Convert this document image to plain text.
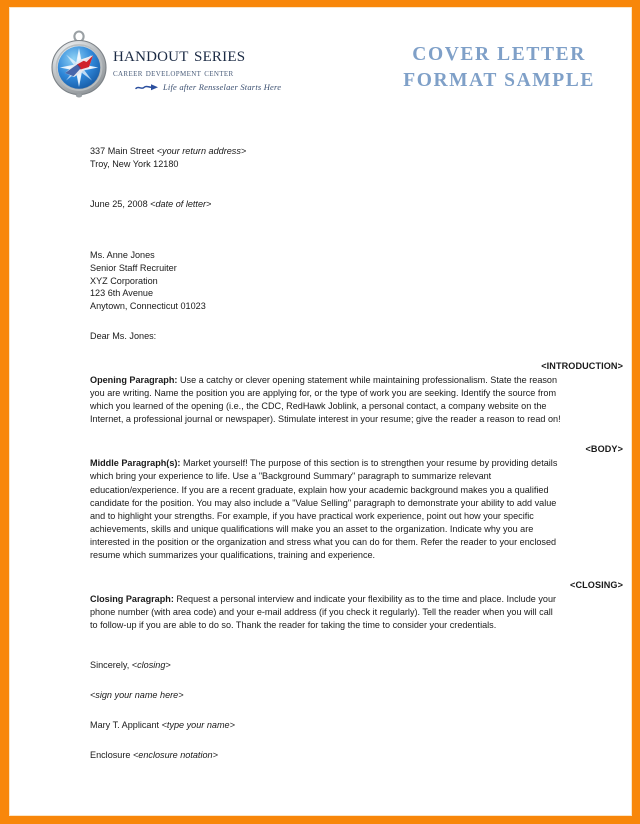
handout series
career development center
Life after Rensselaer Starts Here
COVER LETTER
FORMAT SAMPLE
337 Main Street <your return address>
Troy, New York 12180
June 25, 2008 <date of letter>
Ms. Anne Jones
Senior Staff Recruiter
XYZ Corporation
123 6th Avenue
Anytown, Connecticut 01023
Dear Ms. Jones:
<INTRODUCTION>

Opening Paragraph: Use a catchy or clever opening statement while maintaining professionalism. State the reason you are writing. Name the position you are applying for, or the type of work you are seeking. Identify the source from which you learned of the opening (i.e., the CDC, RedHawk Joblink, a personal contact, a company website on the Internet, a professional journal or newspaper). Stimulate interest in your resume; give the reader a reason to read on!

<BODY>

Middle Paragraph(s): Market yourself! The purpose of this section is to strengthen your resume by providing details which bring your experience to life. Use a "Background Summary" paragraph to summarize relevant education/experience. If you are a recent graduate, explain how your academic background makes you a qualified candidate for the position. You may also include a "Value Selling" paragraph to demonstrate your ability to add value and to highlight your strengths. For example, if you have practical work experience, point out how your specific achievements, skills and unique qualifications will make you an asset to the organization. Indicate why you are interested in the position or the organization and stress what you can do for them. Refer the reader to your enclosed resume which summarizes your qualifications, training and experience.

<CLOSING>

Closing Paragraph: Request a personal interview and indicate your flexibility as to the time and place. Include your phone number (with area code) and your e-mail address (if you check it regularly). Tell the reader when you will call to follow-up if you are able to do so. Thank the reader for taking the time to consider your credentials.

Sincerely, <closing>
<sign your name here>
Mary T. Applicant <type your name>
Enclosure <enclosure notation>
